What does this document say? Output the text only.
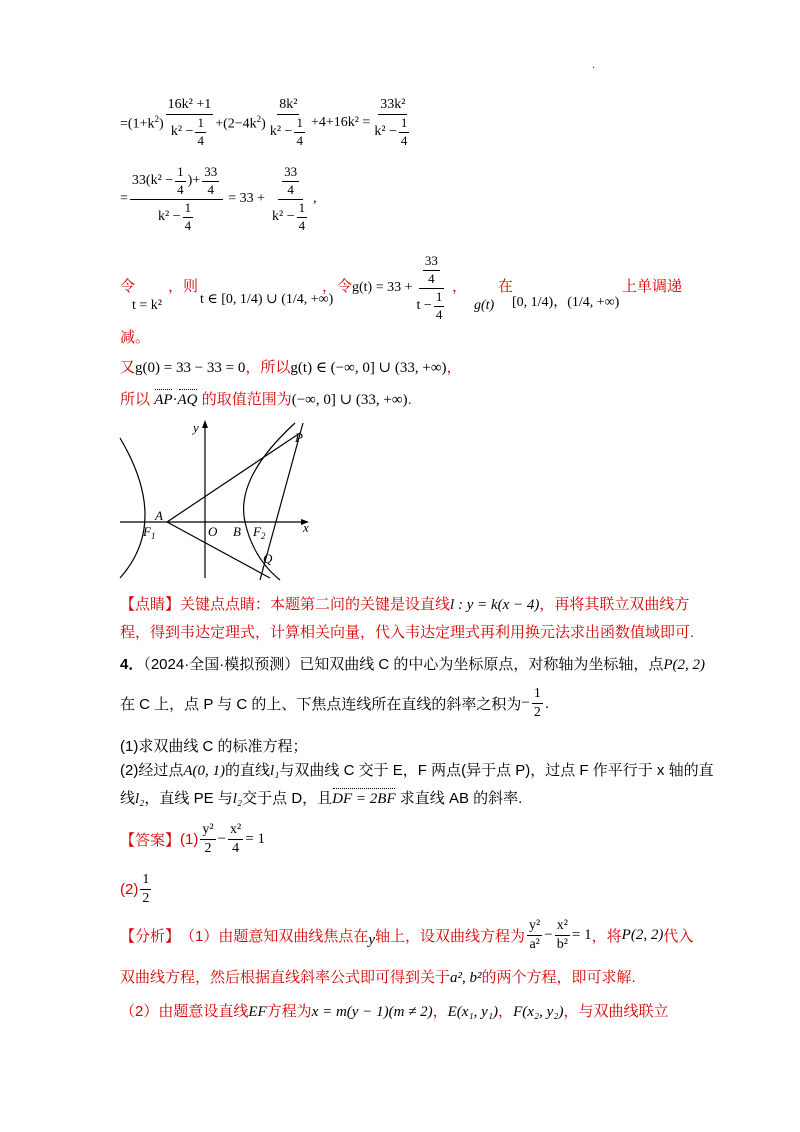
.
$=(1+k^2) \frac{\text{16k² +1}}{k^2 - \frac{1}{4}} +(2-4k^2) \frac{\text{8k²}}{k^2 - \frac{1}{4}} +4+16k^2 = \frac{\text{33k²}}{k^2 - \frac{1}{4}}$
= $\frac{33 ( k^2 - \frac{1}{4} ) + \frac{33}{4}}{k^2 - \frac{1}{4}} = 33 + \frac{\frac{33}{4}}{k^2 - \frac{1}{4}}$ ,
令
t = k²
，则
t ∈ [0, 1/4) ∪ (1/4, +∞)
，令 $g(t) = 33 + \frac{\frac{33}{4}}{t - \frac{1}{4}}$ ，
g(t)
在
[0, 1/4)，(1/4, +∞)
上单调递
减。
又g(0) = 33 − 33 = 0，所以g(t) ∈ (−∞, 0] ∪ (33, +∞)，
所以 AP·AQ 的取值范围为(−∞, 0] ∪ (33, +∞).
y
x
P
A
O B
$F_1$	$F_2$
Q
【点睛】关键点点睛：本题第二问的关键是设直线l : y = k(x − 4)，再将其联立双曲线方
程，得到韦达定理式，计算相关向量，代入韦达定理式再利用换元法求出函数值域即可.
4．（2024·全国·模拟预测）已知双曲线 C 的中心为坐标原点，对称轴为坐标轴，点P(2, 2)
在 C 上，点 P 与 C 的上、下焦点连线所在直线的斜率之积为 − $\frac{1}{2}$ .
(1)求双曲线 C 的标准方程；
(2)经过点A(0, 1)的直线l₁与双曲线 C 交于 E，F 两点(异于点 P)，过点 F 作平行于 x 轴的直
线l₂，直线 PE 与l₂交于点 D，且DF = 2BF 求直线 AB 的斜率.
【答案】 $(1) \frac{\text{y²}}{2} - \frac{\text{x²}}{4} = 1$
$(2) \frac{1}{2}$
【分析】 （1）由题意知双曲线焦点在 y 轴上，设双曲线方程为 $\frac{\text{y²}}{\text{a²}} - \frac{\text{x²}}{\text{b²}} = 1$ ，将 P(2, 2) 代入
双曲线方程，然后根据直线斜率公式即可得到关于a², b²的两个方程，即可求解.
（2）由题意设直线EF方程为x = m(y − 1)(m ≠ 2)，E(x₁, y₁)，F(x₂, y₂)，与双曲线联立
